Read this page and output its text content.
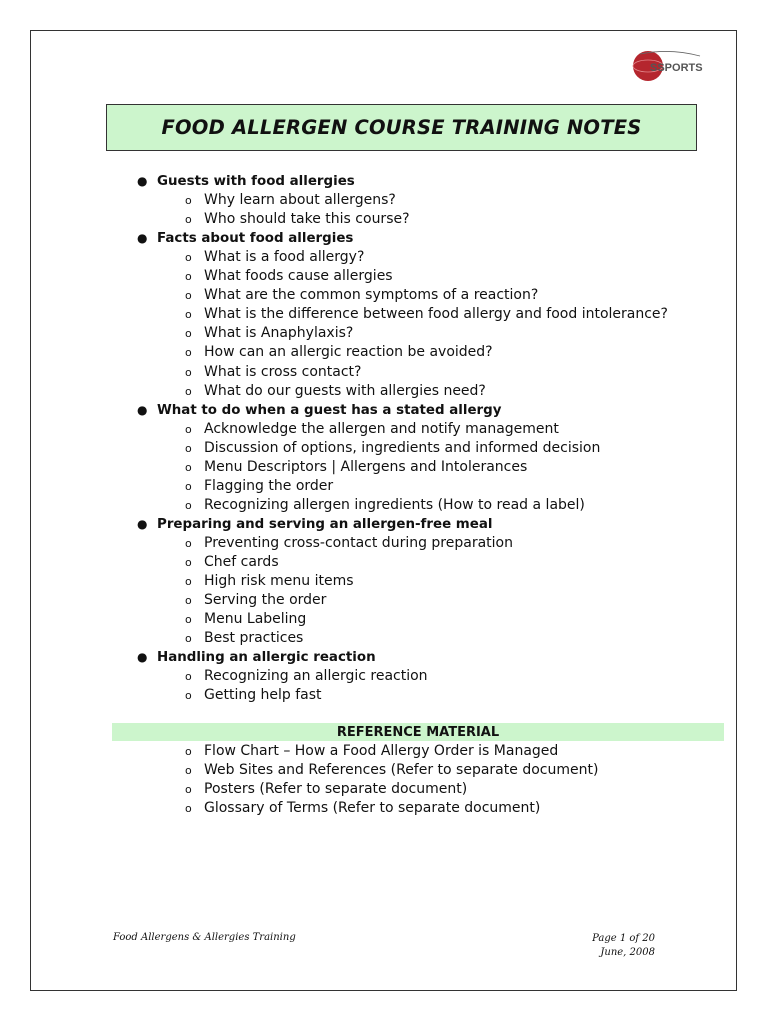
SSPORTS
FOOD ALLERGEN COURSE TRAINING NOTES
● Guests with food allergies
o Why learn about allergens?
o Who should take this course?
● Facts about food allergies
o What is a food allergy?
o What foods cause allergies
o What are the common symptoms of a reaction?
o What is the difference between food allergy and food intolerance?
o What is Anaphylaxis?
o How can an allergic reaction be avoided?
o What is cross contact?
o What do our guests with allergies need?
● What to do when a guest has a stated allergy
o Acknowledge the allergen and notify management
o Discussion of options, ingredients and informed decision
o Menu Descriptors | Allergens and Intolerances
o Flagging the order
o Recognizing allergen ingredients (How to read a label)
● Preparing and serving an allergen-free meal
o Preventing cross-contact during preparation
o Chef cards
o High risk menu items
o Serving the order
o Menu Labeling
o Best practices
● Handling an allergic reaction
o Recognizing an allergic reaction
o Getting help fast
REFERENCE MATERIAL
o Flow Chart – How a Food Allergy Order is Managed
o Web Sites and References (Refer to separate document)
o Posters (Refer to separate document)
o Glossary of Terms (Refer to separate document)
Food Allergens & Allergies Training	Page 1 of 20
June, 2008
